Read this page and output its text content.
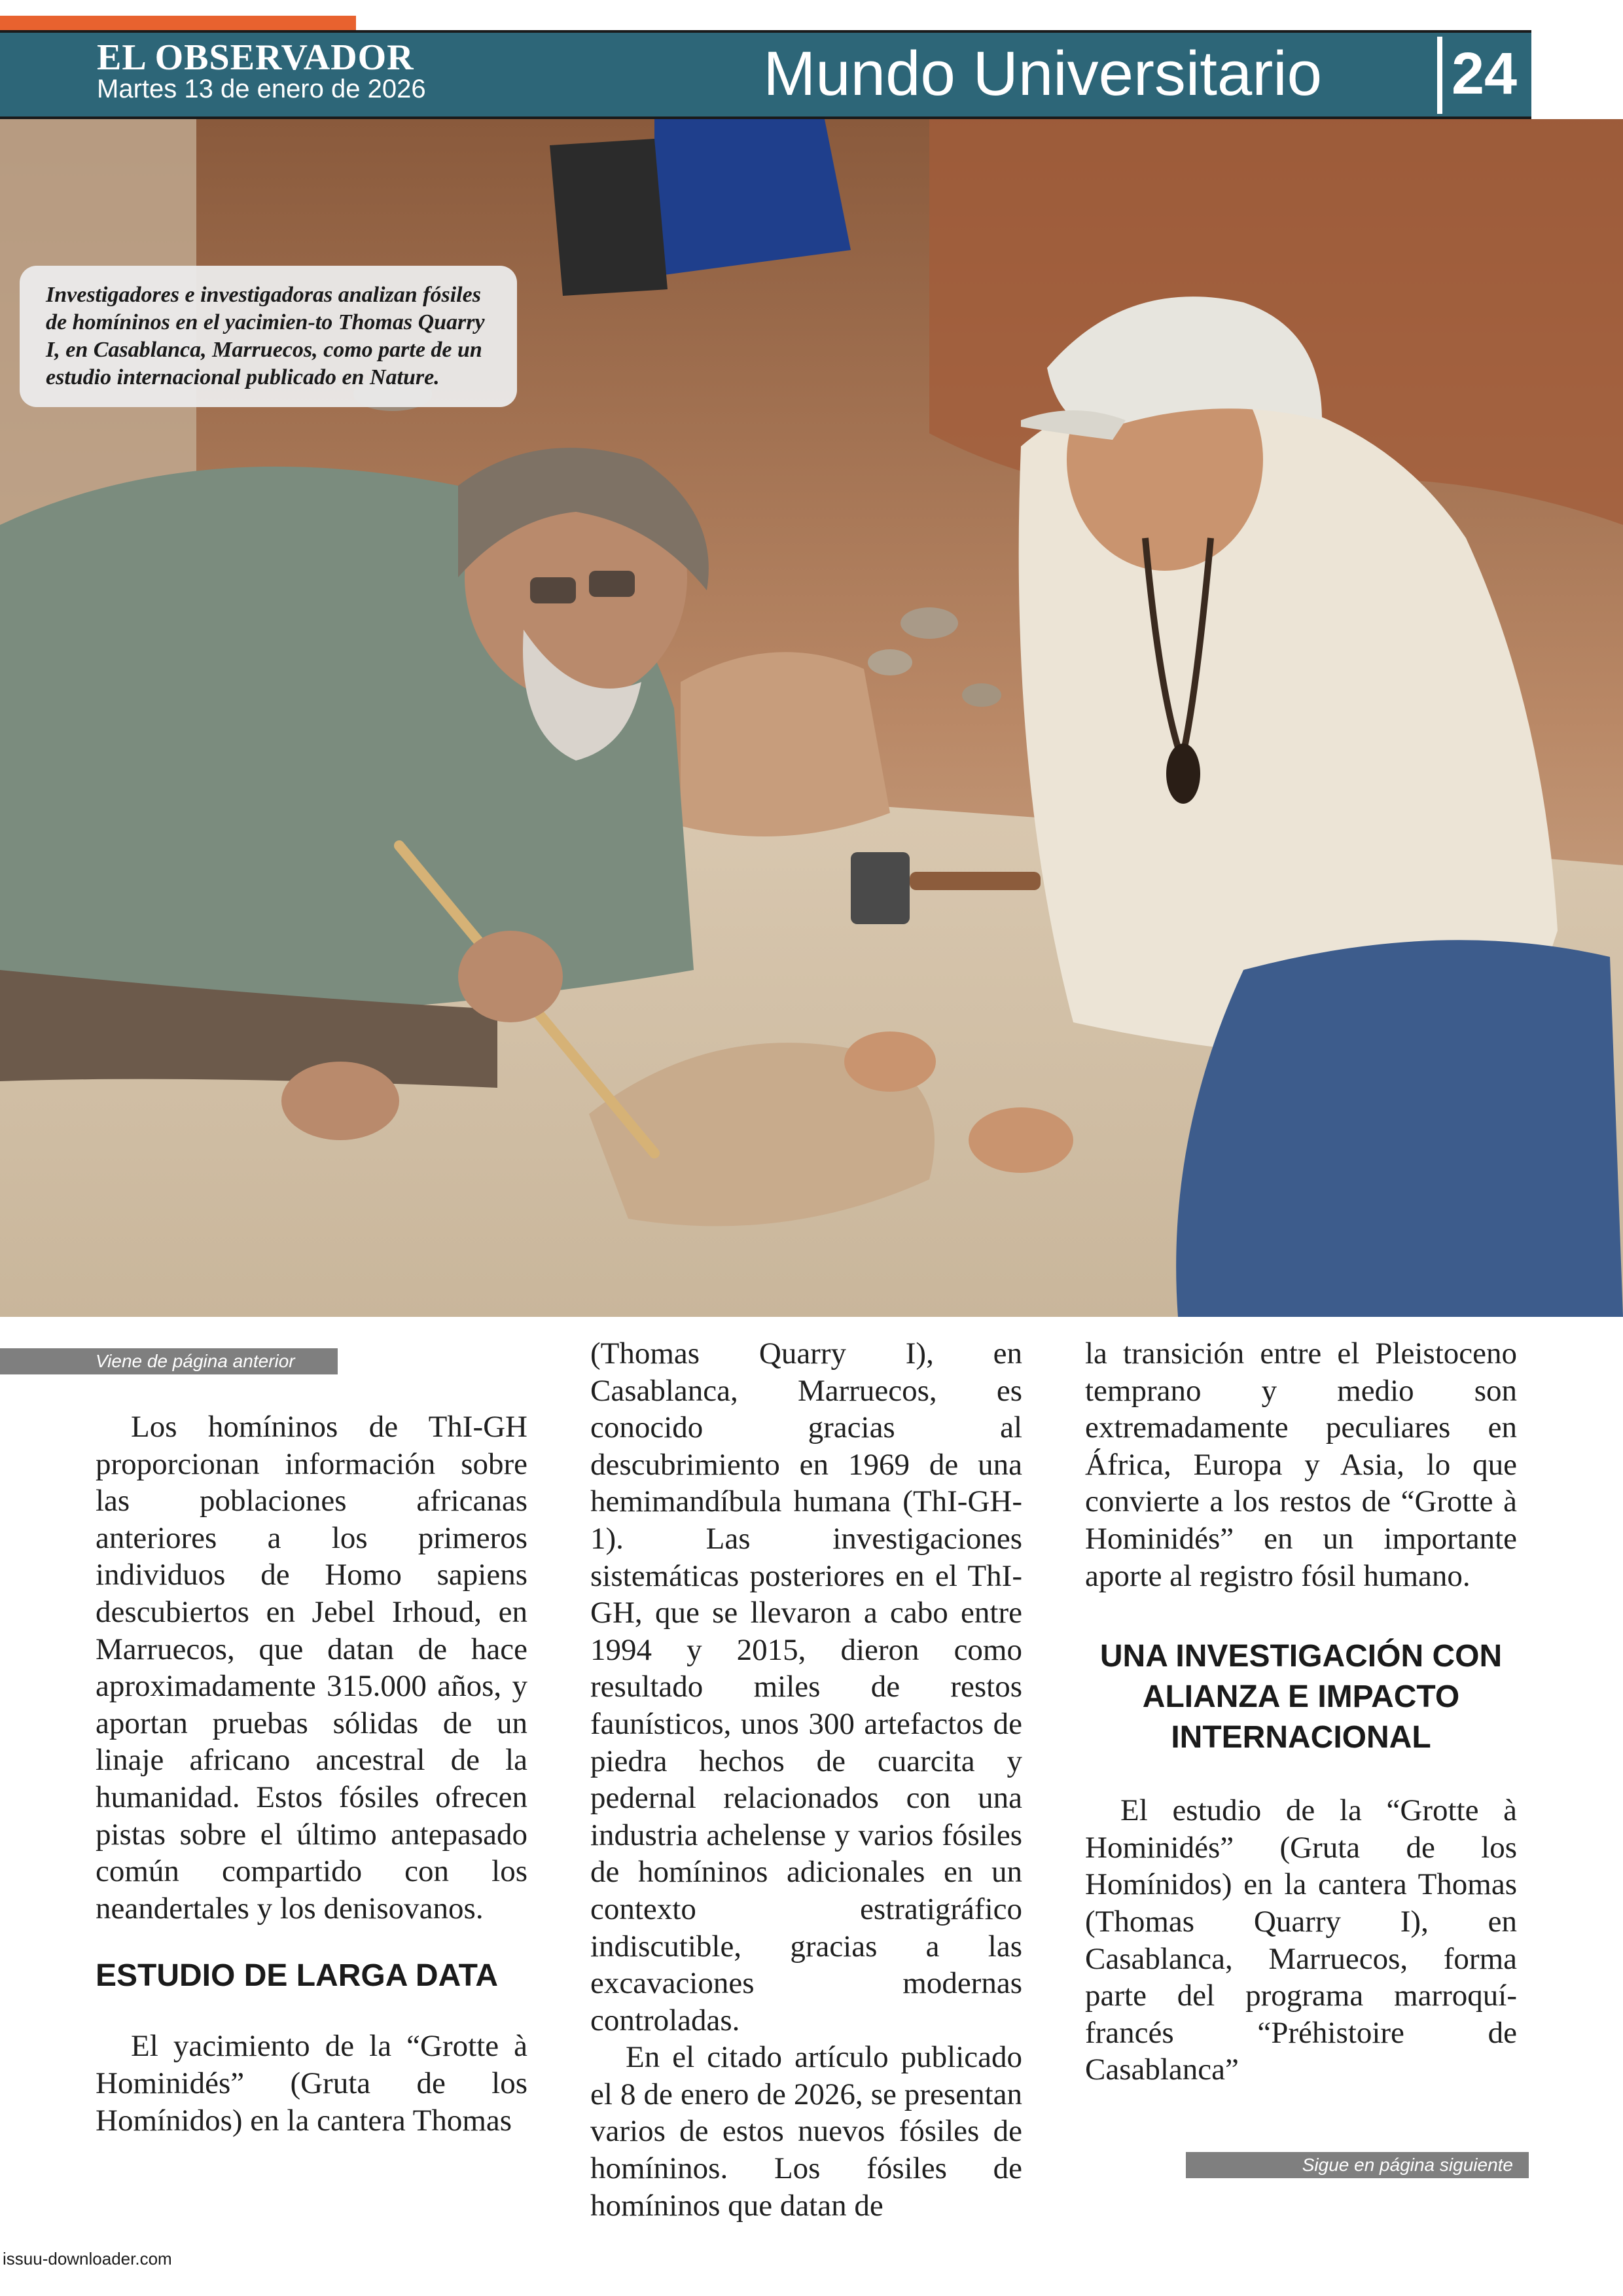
EL OBSERVADOR
Martes 13 de enero de 2026	Mundo Universitario 24
Investigadores e investigadoras analizan fósiles de homíninos en el yacimien-to Thomas Quarry I, en Casablanca, Marruecos, como parte de un estudio internacional publicado en Nature.
Viene de página anterior

Los homíninos de ThI-GH proporcionan información sobre las poblaciones africanas anteriores a los primeros individuos de Homo sapiens descubiertos en Jebel Irhoud, en Marruecos, que datan de hace aproximadamente 315.000 años, y aportan pruebas sólidas de un linaje africano ancestral de la humanidad. Estos fósiles ofrecen pistas sobre el último antepasado común compartido con los neandertales y los denisovanos.

ESTUDIO DE LARGA DATA

El yacimiento de la “Grotte à Hominidés” (Gruta de los Homínidos) en la cantera Thomas

(Thomas Quarry I), en Casablanca, Marruecos, es conocido gracias al descubrimiento en 1969 de una hemimandíbula humana (ThI-GH-1). Las investigaciones sistemáticas posteriores en el ThI-GH, que se llevaron a cabo entre 1994 y 2015, dieron como resultado miles de restos faunísticos, unos 300 artefactos de piedra hechos de cuarcita y pedernal relacionados con una industria achelense y varios fósiles de homíninos adicionales en un contexto estratigráfico indiscutible, gracias a las excavaciones modernas controladas.

En el citado artículo publicado el 8 de enero de 2026, se presentan varios de estos nuevos fósiles de homíninos. Los fósiles de homíninos que datan de

la transición entre el Pleistoceno temprano y medio son extremadamente peculiares en África, Europa y Asia, lo que convierte a los restos de “Grotte à Hominidés” en un importante aporte al registro fósil humano.

UNA INVESTIGACIÓN CON ALIANZA E IMPACTO INTERNACIONAL

El estudio de la “Grotte à Hominidés” (Gruta de los Homínidos) en la cantera Thomas (Thomas Quarry I), en Casablanca, Marruecos, forma parte del programa marroquí-francés “Préhistoire de Casablanca”

Sigue en página siguiente
issuu-downloader.com
